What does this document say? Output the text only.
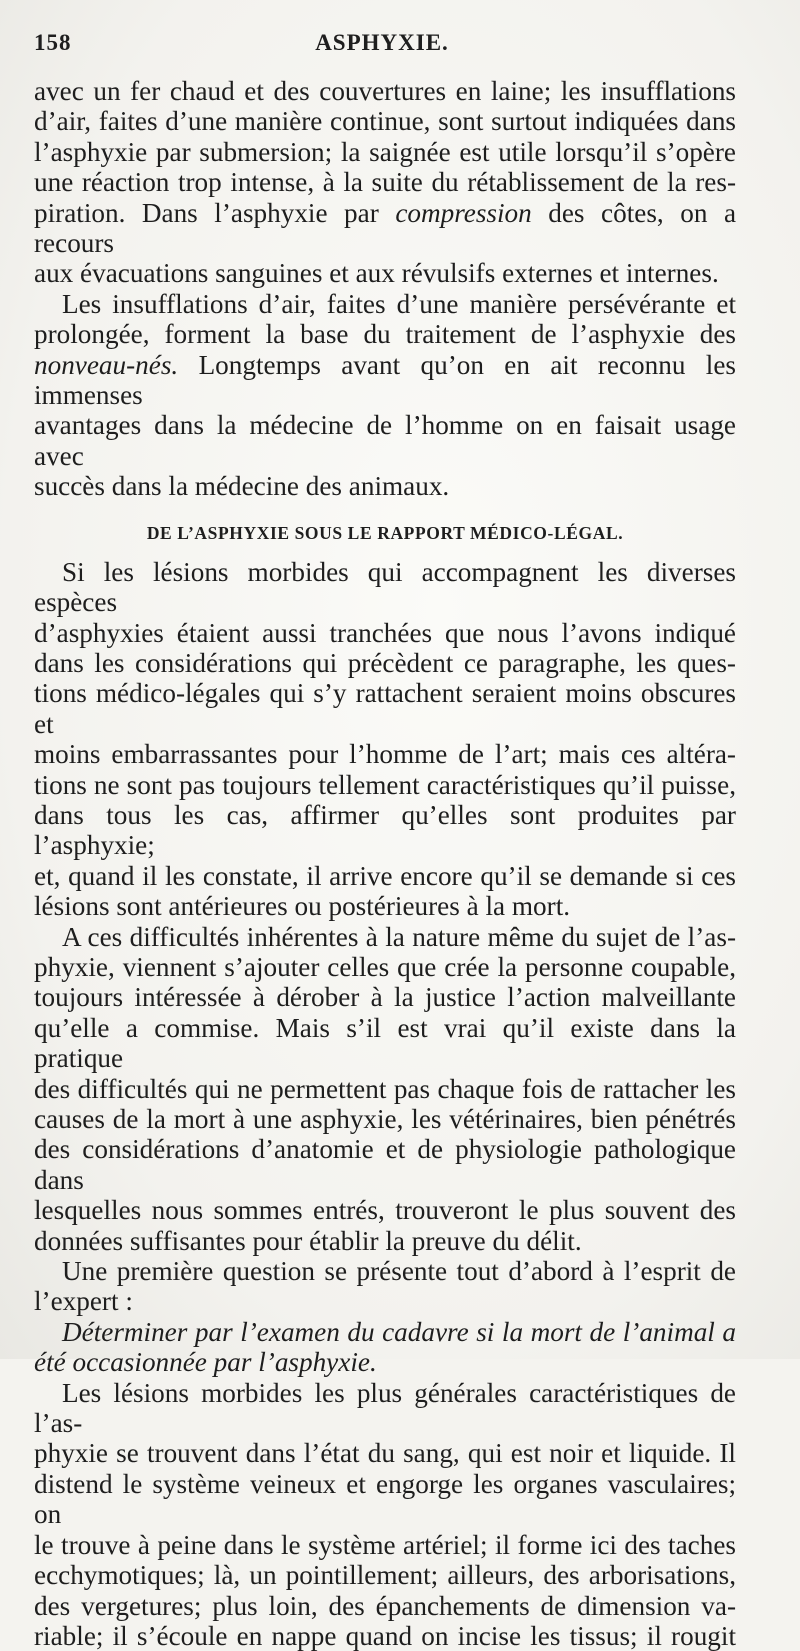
158	ASPHYXIE.

avec un fer chaud et des couvertures en laine; les insufflations

d’air, faites d’une manière continue, sont surtout indiquées dans

l’asphyxie par submersion; la saignée est utile lorsqu’il s’opère

une réaction trop intense, à la suite du rétablissement de la res-

piration. Dans l’asphyxie par compression des côtes, on a recours

aux évacuations sanguines et aux révulsifs externes et internes.

Les insufflations d’air, faites d’une manière persévérante et

prolongée, forment la base du traitement de l’asphyxie des

nonveau-nés. Longtemps avant qu’on en ait reconnu les immenses

avantages dans la médecine de l’homme on en faisait usage avec

succès dans la médecine des animaux.

DE L’ASPHYXIE SOUS LE RAPPORT MÉDICO-LÉGAL.

Si les lésions morbides qui accompagnent les diverses espèces

d’asphyxies étaient aussi tranchées que nous l’avons indiqué

dans les considérations qui précèdent ce paragraphe, les ques-

tions médico-légales qui s’y rattachent seraient moins obscures et

moins embarrassantes pour l’homme de l’art; mais ces altéra-

tions ne sont pas toujours tellement caractéristiques qu’il puisse,

dans tous les cas, affirmer qu’elles sont produites par l’asphyxie;

et, quand il les constate, il arrive encore qu’il se demande si ces

lésions sont antérieures ou postérieures à la mort.

A ces difficultés inhérentes à la nature même du sujet de l’as-

phyxie, viennent s’ajouter celles que crée la personne coupable,

toujours intéressée à dérober à la justice l’action malveillante

qu’elle a commise. Mais s’il est vrai qu’il existe dans la pratique

des difficultés qui ne permettent pas chaque fois de rattacher les

causes de la mort à une asphyxie, les vétérinaires, bien pénétrés

des considérations d’anatomie et de physiologie pathologique dans

lesquelles nous sommes entrés, trouveront le plus souvent des

données suffisantes pour établir la preuve du délit.

Une première question se présente tout d’abord à l’esprit de

l’expert :

Déterminer par l’examen du cadavre si la mort de l’animal a

été occasionnée par l’asphyxie.

Les lésions morbides les plus générales caractéristiques de l’as-

phyxie se trouvent dans l’état du sang, qui est noir et liquide. Il

distend le système veineux et engorge les organes vasculaires; on

le trouve à peine dans le système artériel; il forme ici des taches

ecchymotiques; là, un pointillement; ailleurs, des arborisations,

des vergetures; plus loin, des épanchements de dimension va-

riable; il s’écoule en nappe quand on incise les tissus; il rougit
